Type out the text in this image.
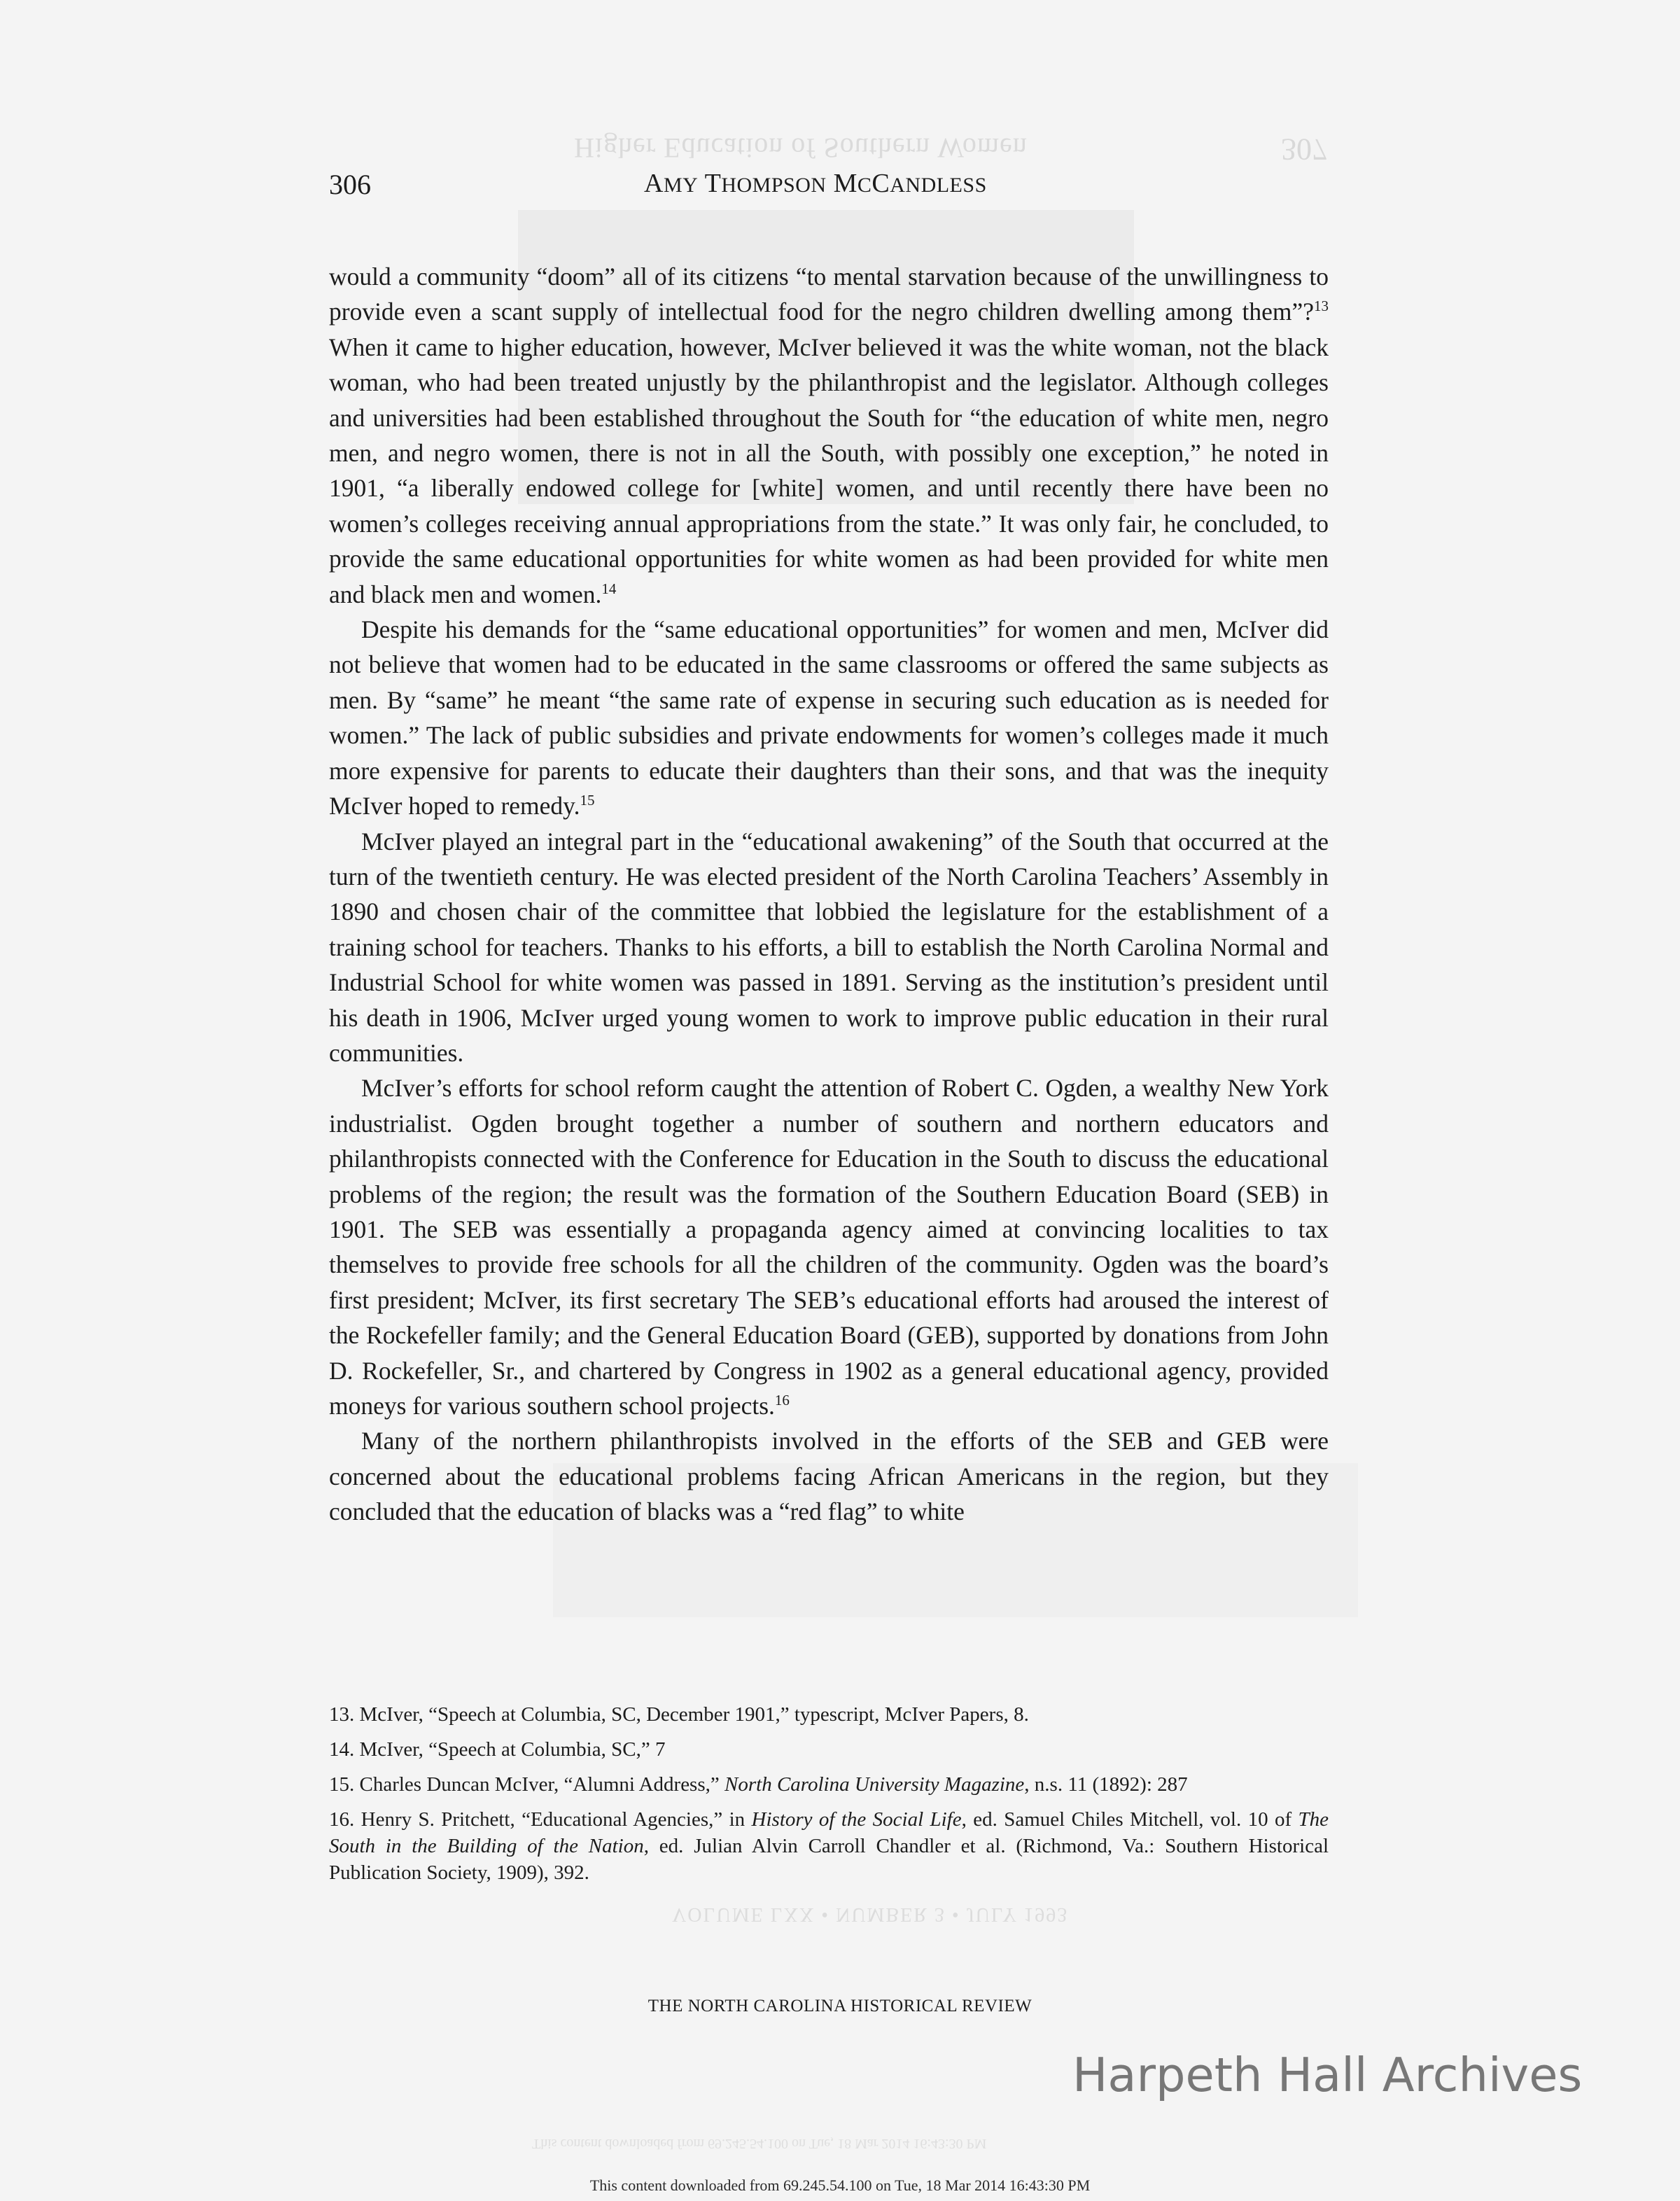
Higher Education of Southern Women	307
VOLUME LXX • NUMBER 3 • JULY 1993
306	AMY THOMPSON MCCANDLESS

would a community “doom” all of its citizens “to mental starvation because of the unwillingness to provide even a scant supply of intellectual food for the negro children dwelling among them”?$^{13}$ When it came to higher education, however, McIver believed it was the white woman, not the black woman, who had been treated unjustly by the philanthropist and the legislator. Although colleges and universities had been established throughout the South for “the education of white men, negro men, and negro women, there is not in all the South, with possibly one exception,” he noted in 1901, “a liberally endowed college for [white] women, and until recently there have been no women’s colleges receiving annual appropriations from the state.” It was only fair, he concluded, to provide the same educational opportunities for white women as had been provided for white men and black men and women.$^{14}$

Despite his demands for the “same educational opportunities” for women and men, McIver did not believe that women had to be educated in the same classrooms or offered the same subjects as men. By “same” he meant “the same rate of expense in securing such education as is needed for women.” The lack of public subsidies and private endowments for women’s colleges made it much more expensive for parents to educate their daughters than their sons, and that was the inequity McIver hoped to remedy.$^{15}$

McIver played an integral part in the “educational awakening” of the South that occurred at the turn of the twentieth century. He was elected president of the North Carolina Teachers’ Assembly in 1890 and chosen chair of the committee that lobbied the legislature for the establishment of a training school for teachers. Thanks to his efforts, a bill to establish the North Carolina Normal and Industrial School for white women was passed in 1891. Serving as the institution’s president until his death in 1906, McIver urged young women to work to improve public education in their rural communities.

McIver’s efforts for school reform caught the attention of Robert C. Ogden, a wealthy New York industrialist. Ogden brought together a number of southern and northern educators and philanthropists connected with the Conference for Education in the South to discuss the educational problems of the region; the result was the formation of the Southern Education Board (SEB) in 1901. The SEB was essentially a propaganda agency aimed at convincing localities to tax themselves to provide free schools for all the children of the community. Ogden was the board’s first president; McIver, its first secretary The SEB’s educational efforts had aroused the interest of the Rockefeller family; and the General Education Board (GEB), supported by donations from John D. Rockefeller, Sr., and chartered by Congress in 1902 as a general educational agency, provided moneys for various southern school projects.$^{16}$

Many of the northern philanthropists involved in the efforts of the SEB and GEB were concerned about the educational problems facing African Americans in the region, but they concluded that the education of blacks was a “red flag” to white

13. McIver, “Speech at Columbia, SC, December 1901,” typescript, McIver Papers, 8.

14. McIver, “Speech at Columbia, SC,” 7

15. Charles Duncan McIver, “Alumni Address,” North Carolina University Magazine, n.s. 11 (1892): 287

16. Henry S. Pritchett, “Educational Agencies,” in History of the Social Life, ed. Samuel Chiles Mitchell, vol. 10 of The South in the Building of the Nation, ed. Julian Alvin Carroll Chandler et al. (Richmond, Va.: Southern Historical Publication Society, 1909), 392.

THE NORTH CAROLINA HISTORICAL REVIEW
Harpeth Hall Archives
This content downloaded from 69.245.54.100 on Tue, 18 Mar 2014 16:43:30 PM
This content downloaded from 69.245.54.100 on Tue, 18 Mar 2014 16:43:30 PM
